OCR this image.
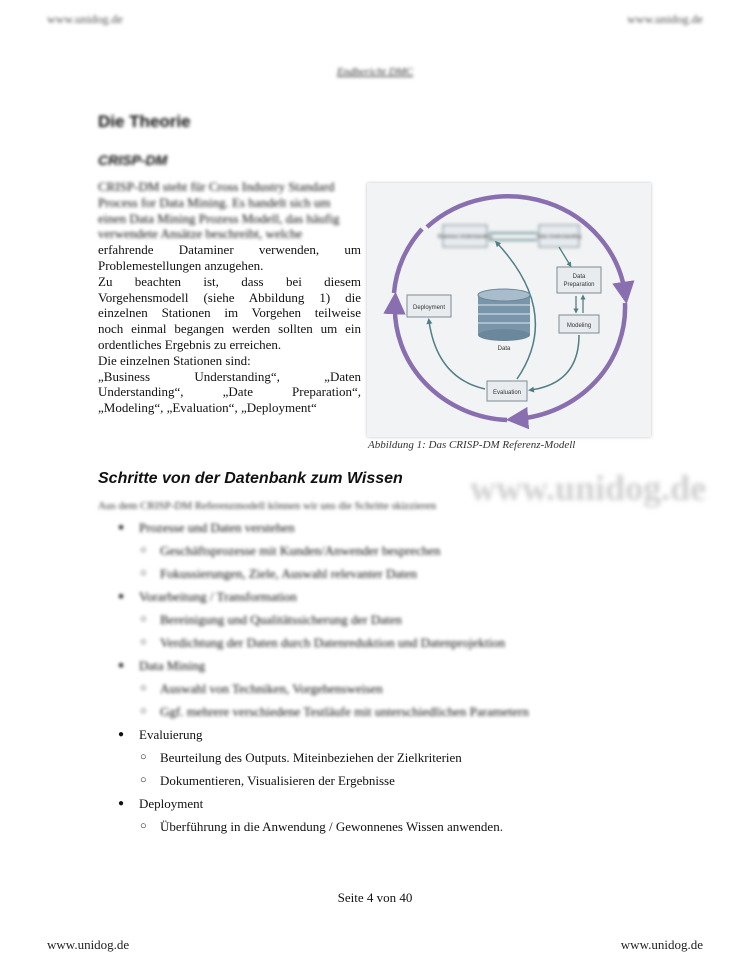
www.unidog.de	www.unidog.de
Endbericht DMC
Die Theorie
CRISP-DM
CRISP-DM steht für Cross Industry Standard
Process for Data Mining. Es handelt sich um
einen Data Mining Prozess Modell, das häufig
verwendete Ansätze beschreibt, welche
erfahrende Dataminer verwenden, um
Problemestellungen anzugehen.
Zu beachten ist, dass bei diesem
Vorgehensmodell (siehe Abbildung 1) die
einzelnen Stationen im Vorgehen teilweise
noch einmal begangen werden sollten um ein
ordentliches Ergebnis zu erreichen.
Die einzelnen Stationen sind:
„Business Understanding“, „Daten
Understanding“, „Date Preparation“,
„Modeling“, „Evaluation“, „Deployment“
Business Understanding	Data Understanding
Data
Preparation
Modeling
Deployment
Evaluation
Data
Abbildung 1: Das CRISP-DM Referenz-Modell
www.unidog.de
Schritte von der Datenbank zum Wissen
Aus dem CRISP-DM Referenzmodell können wir uns die Schritte skizzieren
● Prozesse und Daten verstehen
○ Geschäftsprozesse mit Kunden/Anwender besprechen
○ Fokussierungen, Ziele, Auswahl relevanter Daten
● Vorarbeitung / Transformation
○ Bereinigung und Qualitätssicherung der Daten
○ Verdichtung der Daten durch Datenreduktion und Datenprojektion
● Data Mining
○ Auswahl von Techniken, Vorgehensweisen
○ Ggf. mehrere verschiedene Testläufe mit unterschiedlichen Parametern
● Evaluierung
○ Beurteilung des Outputs. Miteinbeziehen der Zielkriterien
○ Dokumentieren, Visualisieren der Ergebnisse
● Deployment
○ Überführung in die Anwendung / Gewonnenes Wissen anwenden.
Seite 4 von 40
www.unidog.de	www.unidog.de
